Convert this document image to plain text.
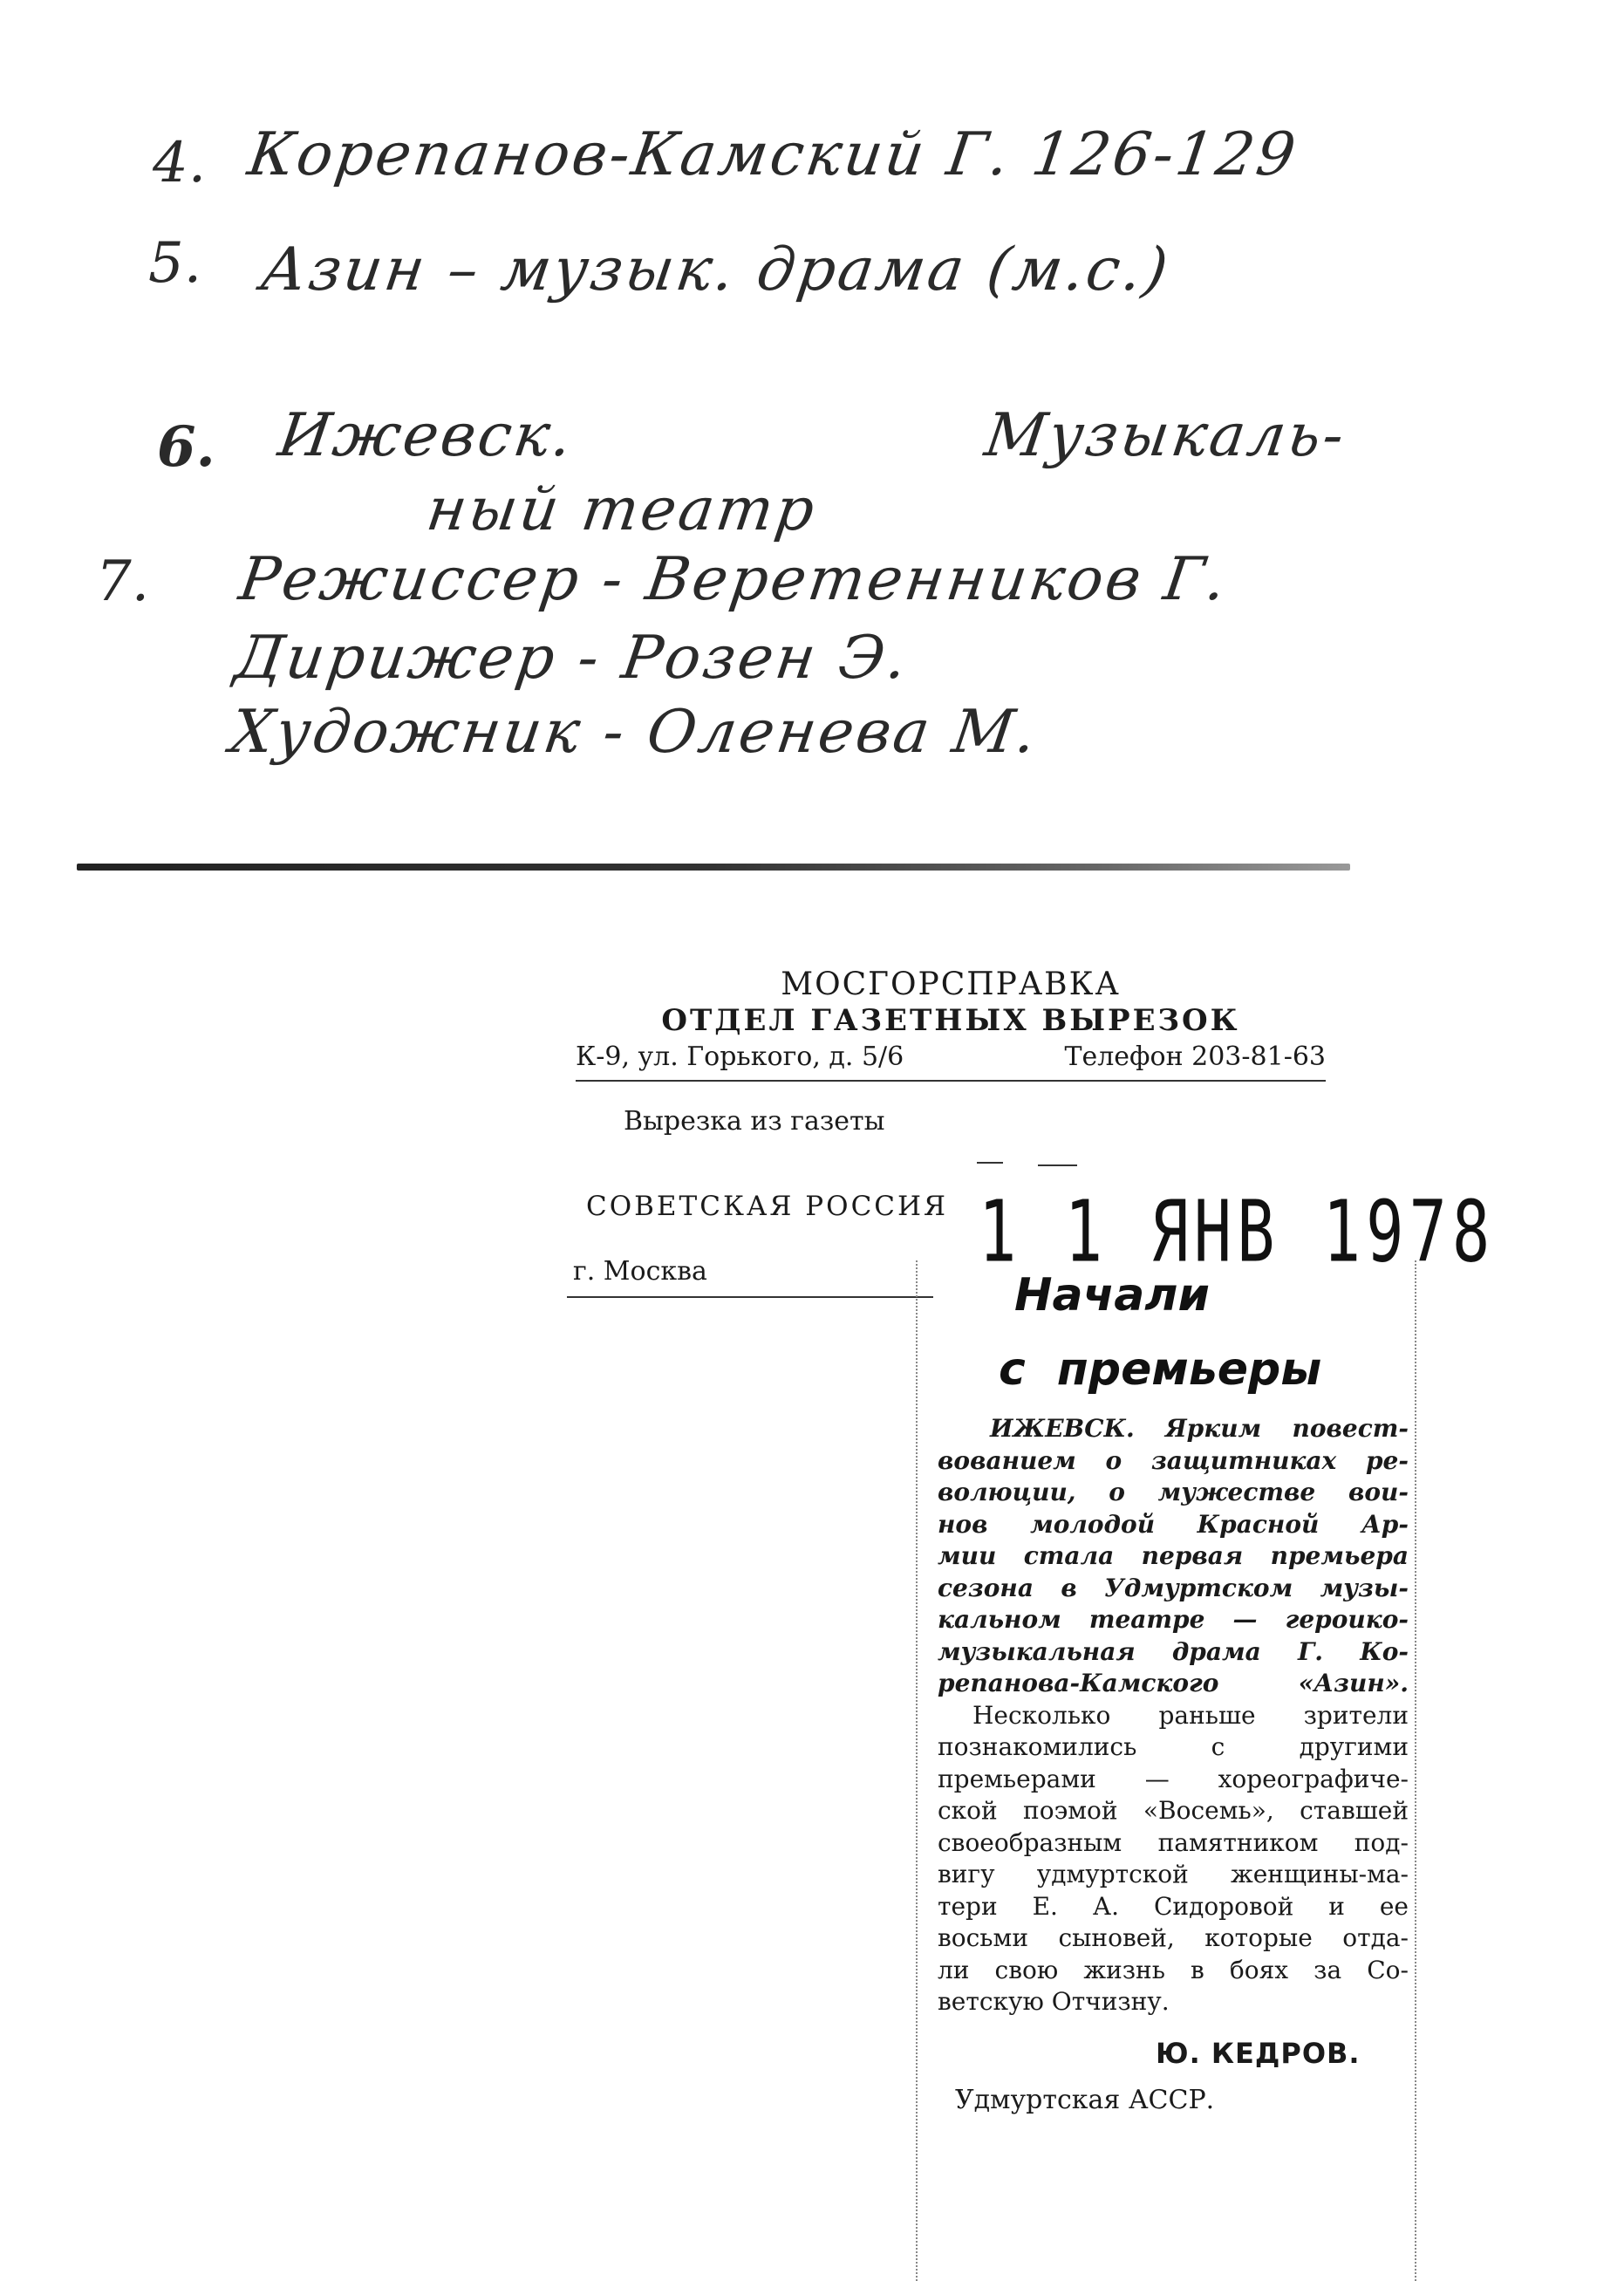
4. Корепанов-Камский Г. 126-129
5. Азин – музык. драма (м.с.)
6. Ижевск.	Музыкаль-
ный театр
7. Режиссер - Веретенников Г.
Дирижер - Розен Э.
Художник - Оленева М.
МОСГОРСПРАВКА
ОТДЕЛ ГАЗЕТНЫХ ВЫРЕЗОК
К-9, ул. Горького, д. 5/6	Телефон 203-81-63
Вырезка из газеты
СОВЕТСКАЯ РОССИЯ
г. Москва	1 1 ЯНВ 1978
Начали
с премьеры
ИЖЕВСК. Ярким повест-
вованием о защитниках ре-
волюции, о мужестве вои-
нов молодой Красной Ар-
мии стала первая премьера
сезона в Удмуртском музы-
кальном театре — героико-
музыкальная драма Г. Ко-
репанова-Камского «Азин».
Несколько раньше зрители
познакомились с другими
премьерами — хореографиче-
ской поэмой «Восемь», ставшей
своеобразным памятником под-
вигу удмуртской женщины-ма-
тери Е. А. Сидоровой и ее
восьми сыновей, которые отда-
ли свою жизнь в боях за Со-
ветскую Отчизну.
Ю. КЕДРОВ.
Удмуртская АССР.
